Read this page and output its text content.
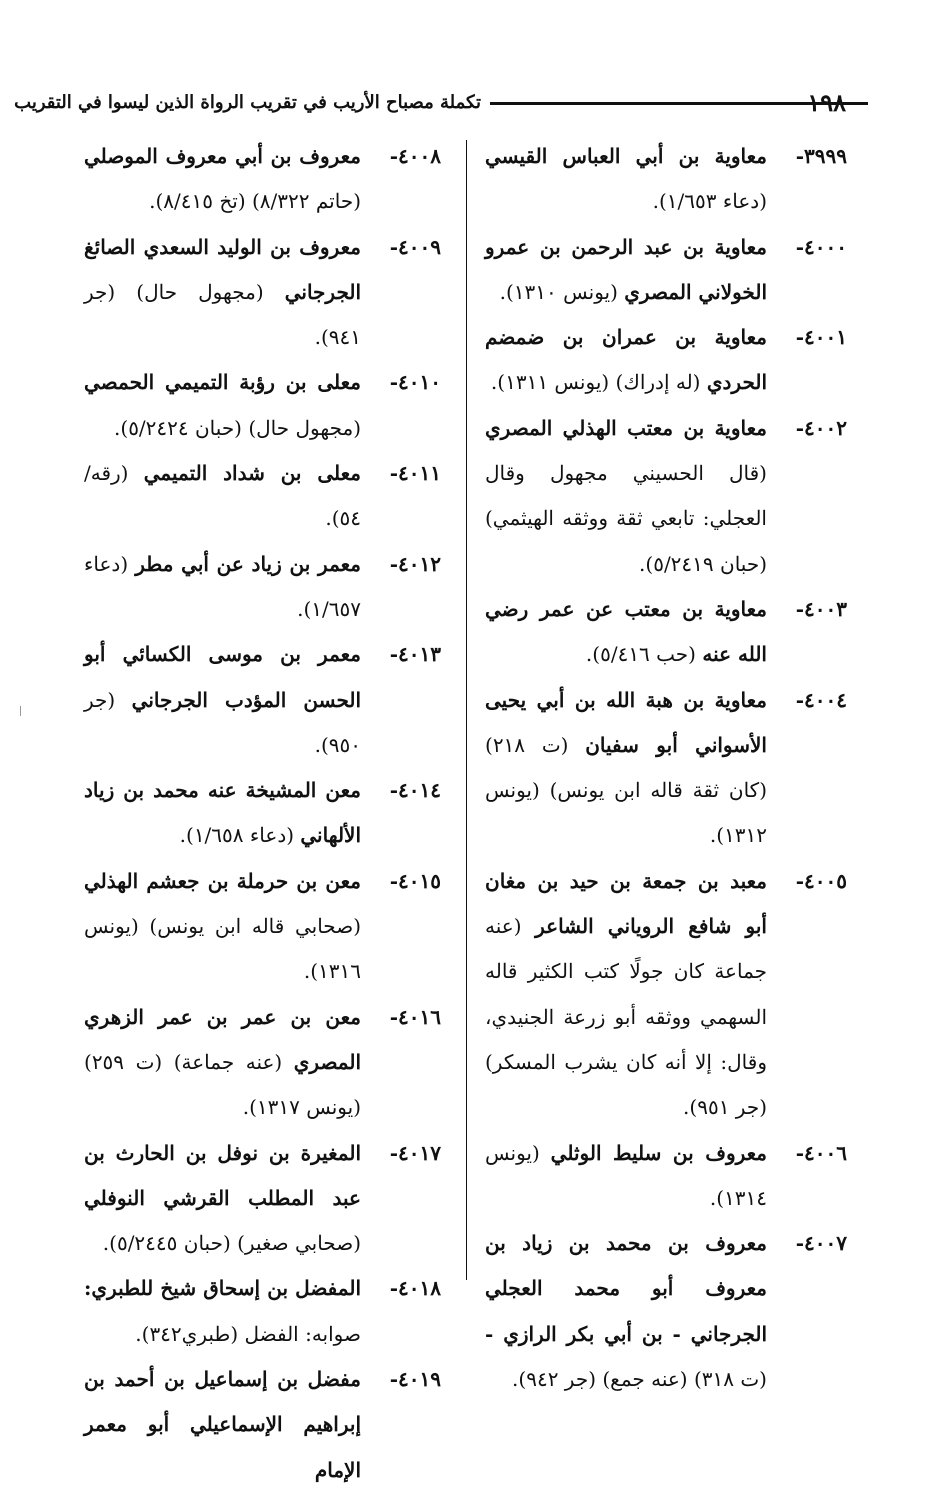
١٩٨
تكملة مصباح الأريب في تقريب الرواة الذين ليسوا في التقريب
٣٩٩٩-
معاوية بن أبي العباس القيسي (دعاء ١/٦٥٣).
٤٠٠٠-
معاوية بن عبد الرحمن بن عمرو الخولاني المصري (يونس ١٣١٠).
٤٠٠١-
معاوية بن عمران بن ضمضم الحردي (له إدراك) (يونس ١٣١١).
٤٠٠٢-
معاوية بن معتب الهذلي المصري (قال الحسيني مجهول وقال العجلي: تابعي ثقة ووثقه الهيثمي) (حبان ٥/٢٤١٩).
٤٠٠٣-
معاوية بن معتب عن عمر رضي الله عنه (حب ٥/٤١٦).
٤٠٠٤-
معاوية بن هبة الله بن أبي يحيى الأسواني أبو سفيان (ت ٢١٨) (كان ثقة قاله ابن يونس) (يونس ١٣١٢).
٤٠٠٥-
معبد بن جمعة بن حيد بن مغان أبو شافع الروياني الشاعر (عنه جماعة كان جولًا كتب الكثير قاله السهمي ووثقه أبو زرعة الجنيدي، وقال: إلا أنه كان يشرب المسكر) (جر ٩٥١).
٤٠٠٦-
معروف بن سليط الوثلي (يونس ١٣١٤).
٤٠٠٧-
معروف بن محمد بن زياد بن معروف أبو محمد العجلي الجرجاني - بن أبي بكر الرازي - (ت ٣١٨) (عنه جمع) (جر ٩٤٢).
٤٠٠٨-
معروف بن أبي معروف الموصلي (حاتم ٨/٣٢٢) (تخ ٨/٤١٥).
٤٠٠٩-
معروف بن الوليد السعدي الصائغ الجرجاني (مجهول حال) (جر ٩٤١).
٤٠١٠-
معلى بن رؤبة التميمي الحمصي (مجهول حال) (حبان ٥/٢٤٢٤).
٤٠١١-
معلى بن شداد التميمي (رقه/٥٤).
٤٠١٢-
معمر بن زياد عن أبي مطر (دعاء ١/٦٥٧).
٤٠١٣-
معمر بن موسى الكسائي أبو الحسن المؤدب الجرجاني (جر ٩٥٠).
٤٠١٤-
معن المشيخة عنه محمد بن زياد الألهاني (دعاء ١/٦٥٨).
٤٠١٥-
معن بن حرملة بن جعشم الهذلي (صحابي قاله ابن يونس) (يونس ١٣١٦).
٤٠١٦-
معن بن عمر بن عمر الزهري المصري (عنه جماعة) (ت ٢٥٩) (يونس ١٣١٧).
٤٠١٧-
المغيرة بن نوفل بن الحارث بن عبد المطلب القرشي النوفلي (صحابي صغير) (حبان ٥/٢٤٤٥).
٤٠١٨-
المفضل بن إسحاق شيخ للطبري: صوابه: الفضل (طبري٣٤٢).
٤٠١٩-
مفضل بن إسماعيل بن أحمد بن إبراهيم الإسماعيلي أبو معمر الإمام
